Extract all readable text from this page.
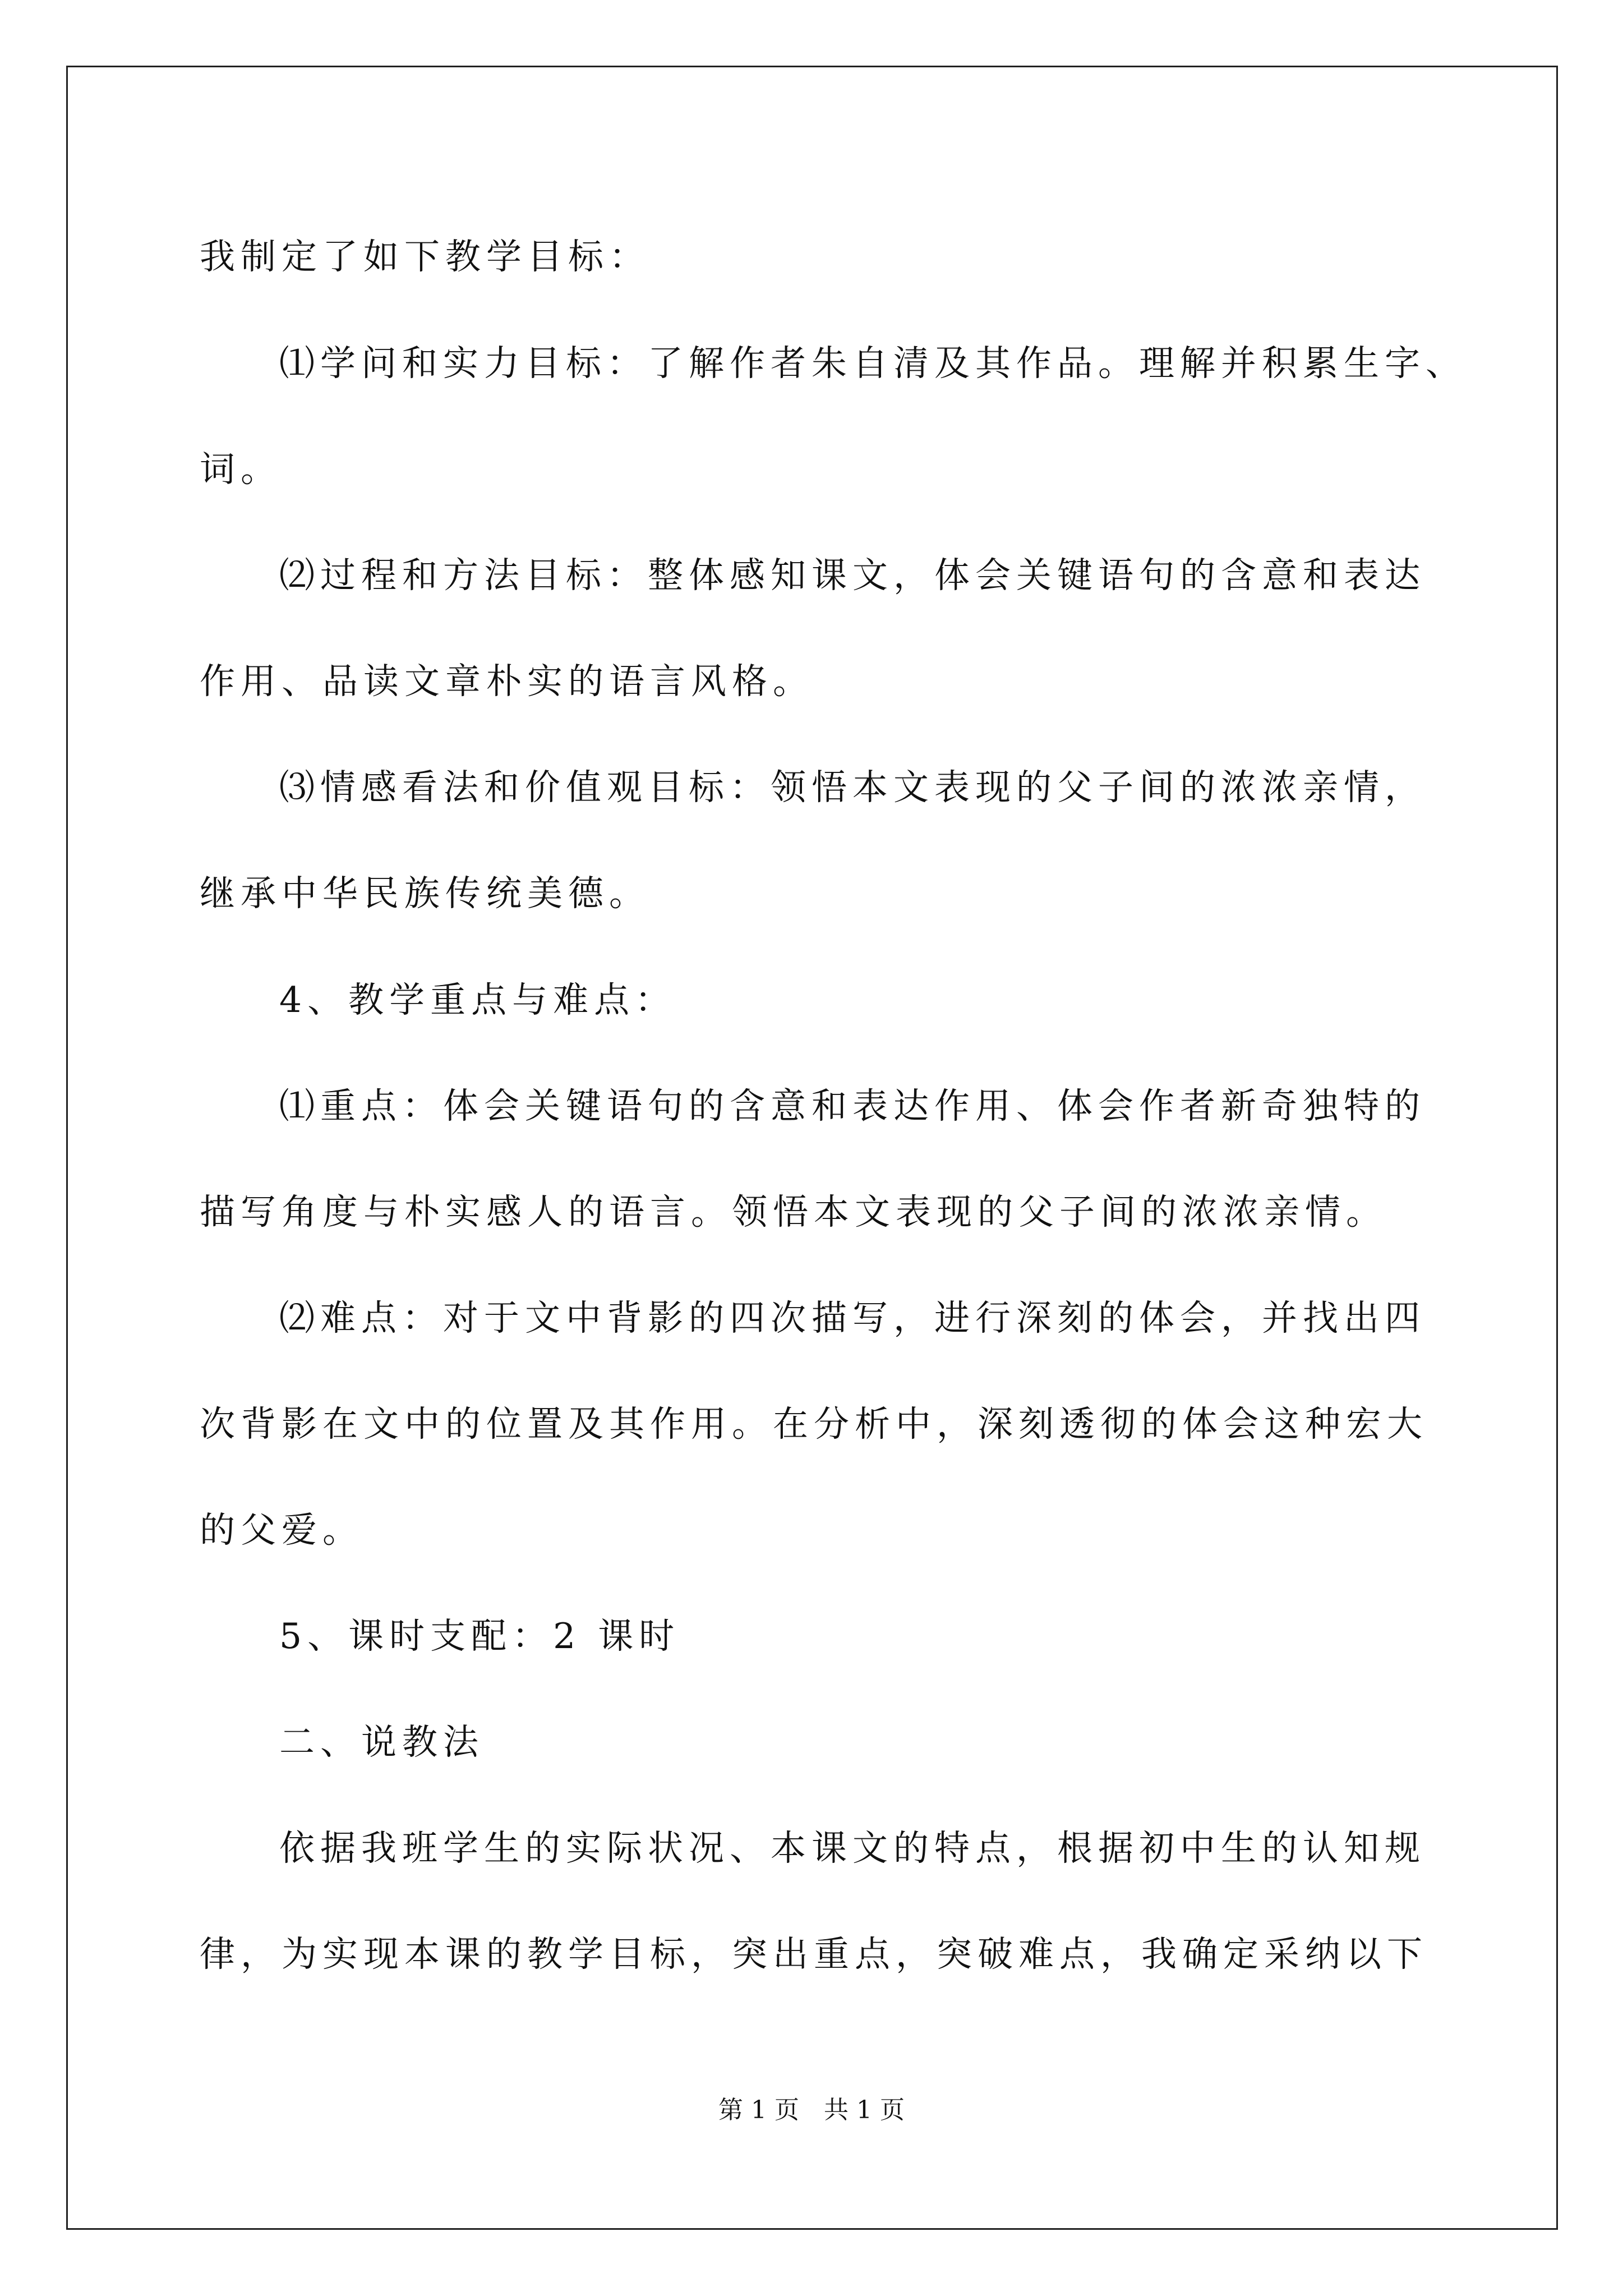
我制定了如下教学目标：
⑴学问和实力目标：了解作者朱自清及其作品。理解并积累生字、
词。
⑵过程和方法目标：整体感知课文，体会关键语句的含意和表达
作用、品读文章朴实的语言风格。
⑶情感看法和价值观目标：领悟本文表现的父子间的浓浓亲情，
继承中华民族传统美德。
4、教学重点与难点：
⑴重点：体会关键语句的含意和表达作用、体会作者新奇独特的
描写角度与朴实感人的语言。领悟本文表现的父子间的浓浓亲情。
⑵难点：对于文中背影的四次描写，进行深刻的体会，并找出四
次背影在文中的位置及其作用。在分析中，深刻透彻的体会这种宏大
的父爱。
5、课时支配：2 课时
二、说教法
依据我班学生的实际状况、本课文的特点，根据初中生的认知规
律，为实现本课的教学目标，突出重点，突破难点，我确定采纳以下
第 1 页　共 1 页
